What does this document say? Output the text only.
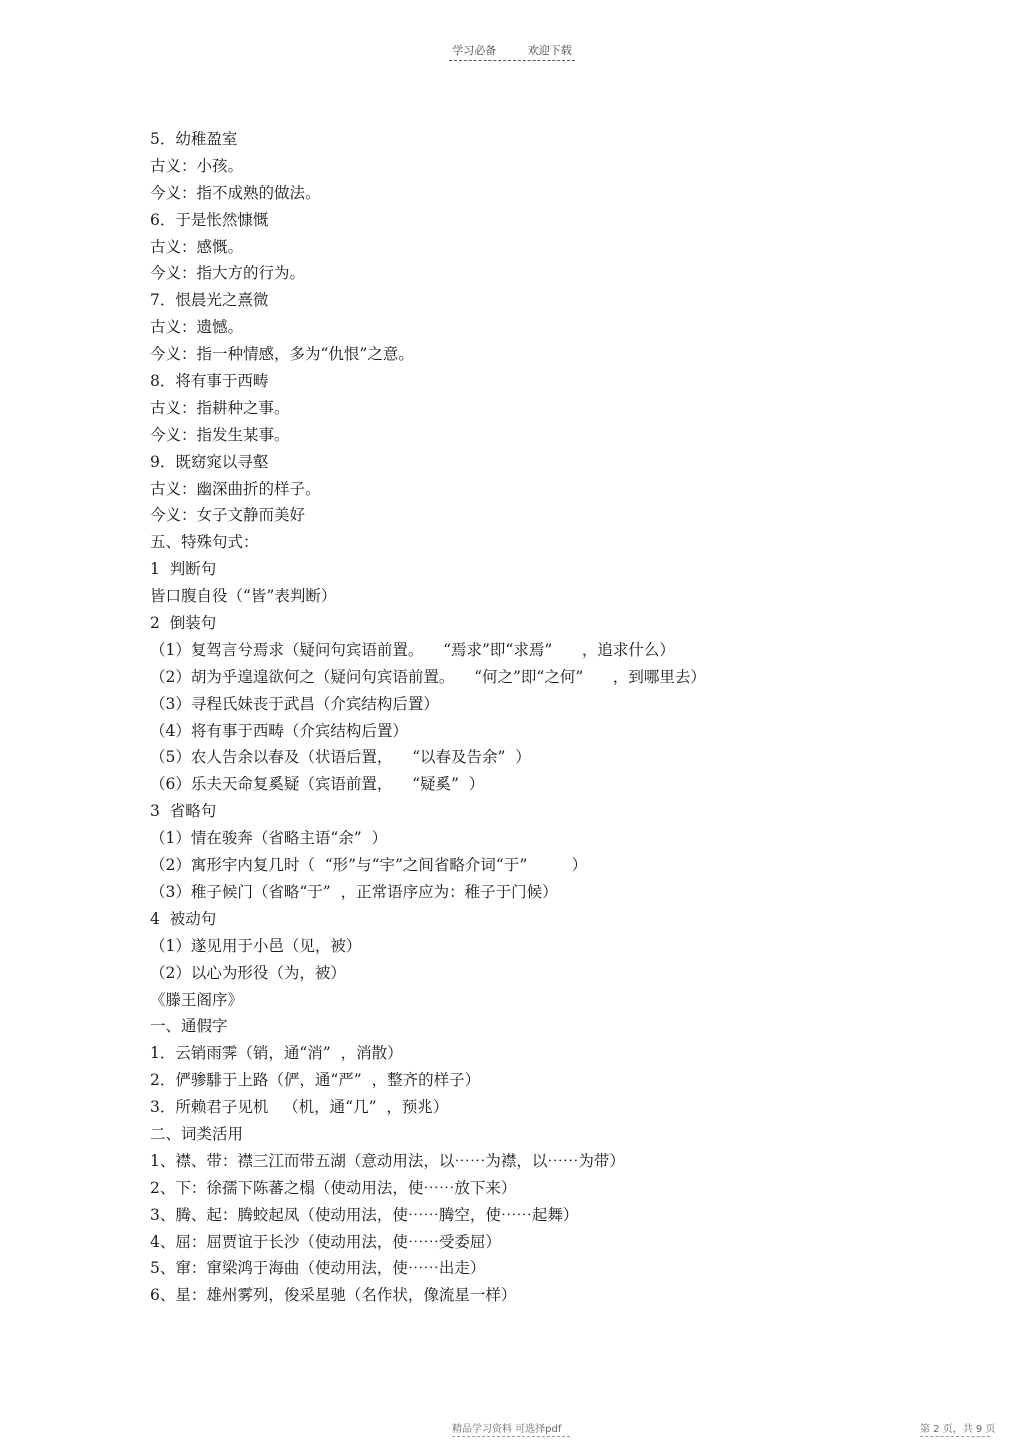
学习必备	欢迎下载

5．幼稚盈室

古义：小孩。

今义：指不成熟的做法。

6．于是怅然慷慨

古义：感慨。

今义：指大方的行为。

7．恨晨光之熹微

古义：遗憾。

今义：指一种情感，多为“仇恨”之意。

8．将有事于西畴

古义：指耕种之事。

今义：指发生某事。

9．既窈窕以寻壑

古义：幽深曲折的样子。

今义：女子文静而美好

五、特殊句式：

1  判断句

皆口腹自役（“皆”表判断）

2  倒装句

（1）复驾言兮焉求（疑问句宾语前置。    “焉求”即“求焉”      ，追求什么）

（2）胡为乎遑遑欲何之（疑问句宾语前置。    “何之”即“之何”      ，到哪里去）

（3）寻程氏妹丧于武昌（介宾结构后置）

（4）将有事于西畴（介宾结构后置）

（5）农人告余以春及（状语后置，    “以春及告余”  ）

（6）乐夫天命复奚疑（宾语前置，    “疑奚”  ）

3  省略句

（1）情在骏奔（省略主语“余”  ）

（2）寓形宇内复几时（  “形”与“宇”之间省略介词“于”         ）

（3）稚子候门（省略“于”  ，正常语序应为：稚子于门候）

4  被动句

（1）遂见用于小邑（见，被）

（2）以心为形役（为，被）

《滕王阁序》

一、通假字

1．云销雨霁（销，通“消”  ，消散）

2．俨骖騑于上路（俨，通“严”  ，整齐的样子）

3．所赖君子见机   （机，通“几”  ，预兆）

二、词类活用

1、襟、带：襟三江而带五湖（意动用法，以⋯⋯为襟，以⋯⋯为带）

2、下：徐孺下陈蕃之榻（使动用法，使⋯⋯放下来）

3、腾、起：腾蛟起凤（使动用法，使⋯⋯腾空，使⋯⋯起舞）

4、屈：屈贾谊于长沙（使动用法，使⋯⋯受委屈）

5、窜：窜梁鸿于海曲（使动用法，使⋯⋯出走）

6、星：雄州雾列，俊采星驰（名作状，像流星一样）

精品学习资料 可选择pdf	第 2 页，共 9 页
